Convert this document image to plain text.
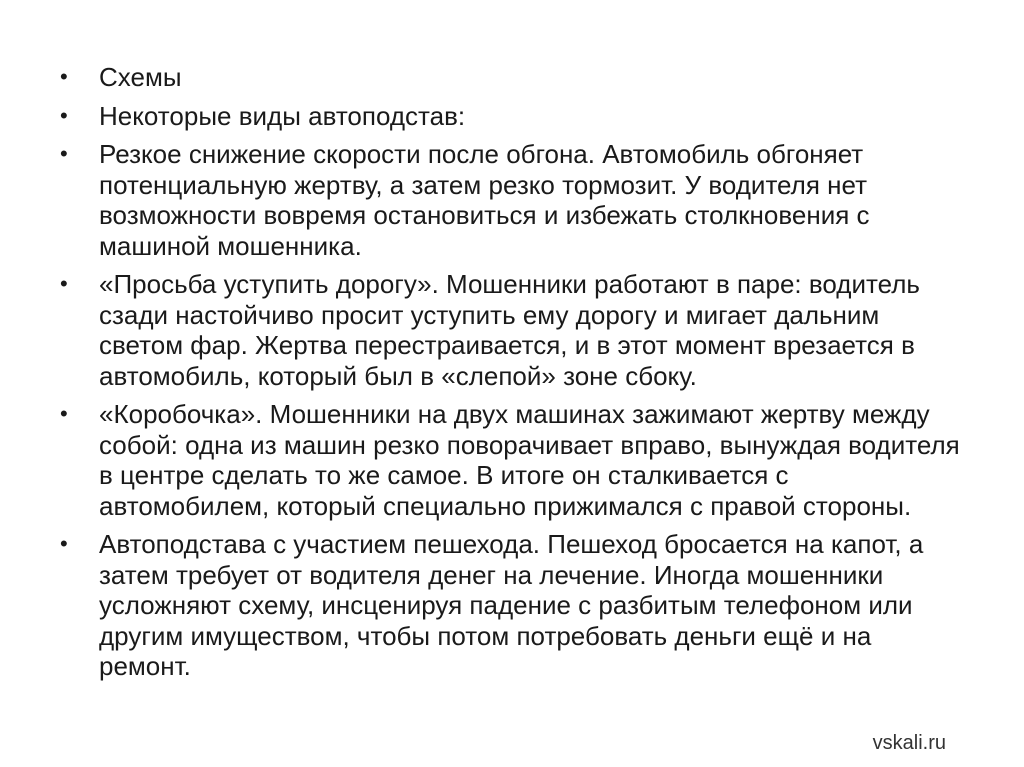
•	Схемы
•	Некоторые виды автоподстав:
•	Резкое снижение скорости после обгона. Автомобиль обгоняет потенциальную жертву, а затем резко тормозит. У водителя нет возможности вовремя остановиться и избежать столкновения с машиной мошенника.
•	«Просьба уступить дорогу». Мошенники работают в паре: водитель сзади настойчиво просит уступить ему дорогу и мигает дальним светом фар. Жертва перестраивается, и в этот момент врезается в автомобиль, который был в «слепой» зоне сбоку.
•	«Коробочка». Мошенники на двух машинах зажимают жертву между собой: одна из машин резко поворачивает вправо, вынуждая водителя в центре сделать то же самое. В итоге он сталкивается с автомобилем, который специально прижимался с правой стороны.
•	Автоподстава с участием пешехода. Пешеход бросается на капот, а затем требует от водителя денег на лечение. Иногда мошенники усложняют схему, инсценируя падение с разбитым телефоном или другим имуществом, чтобы потом потребовать деньги ещё и на ремонт.
vskali.ru
